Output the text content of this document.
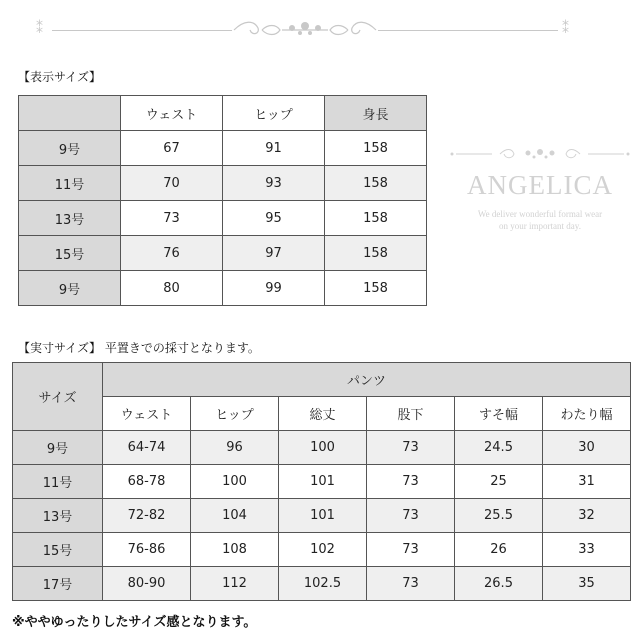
⁑	⁑
【表示サイズ】
	ウェスト	ヒップ	身長
9号	67	91	158
11号	70	93	158
13号	73	95	158
15号	76	97	158
9号	80	99	158
ANGELICA
We deliver wonderful formal wear
on your important day.
【実寸サイズ】 平置きでの採寸となります。
サイズ	パンツ					
	ウェスト	ヒップ	総丈	股下	すそ幅	わたり幅
9号	64-74	96	100	73	24.5	30
11号	68-78	100	101	73	25	31
13号	72-82	104	101	73	25.5	32
15号	76-86	108	102	73	26	33
17号	80-90	112	102.5	73	26.5	35
※ややゆったりしたサイズ感となります。
